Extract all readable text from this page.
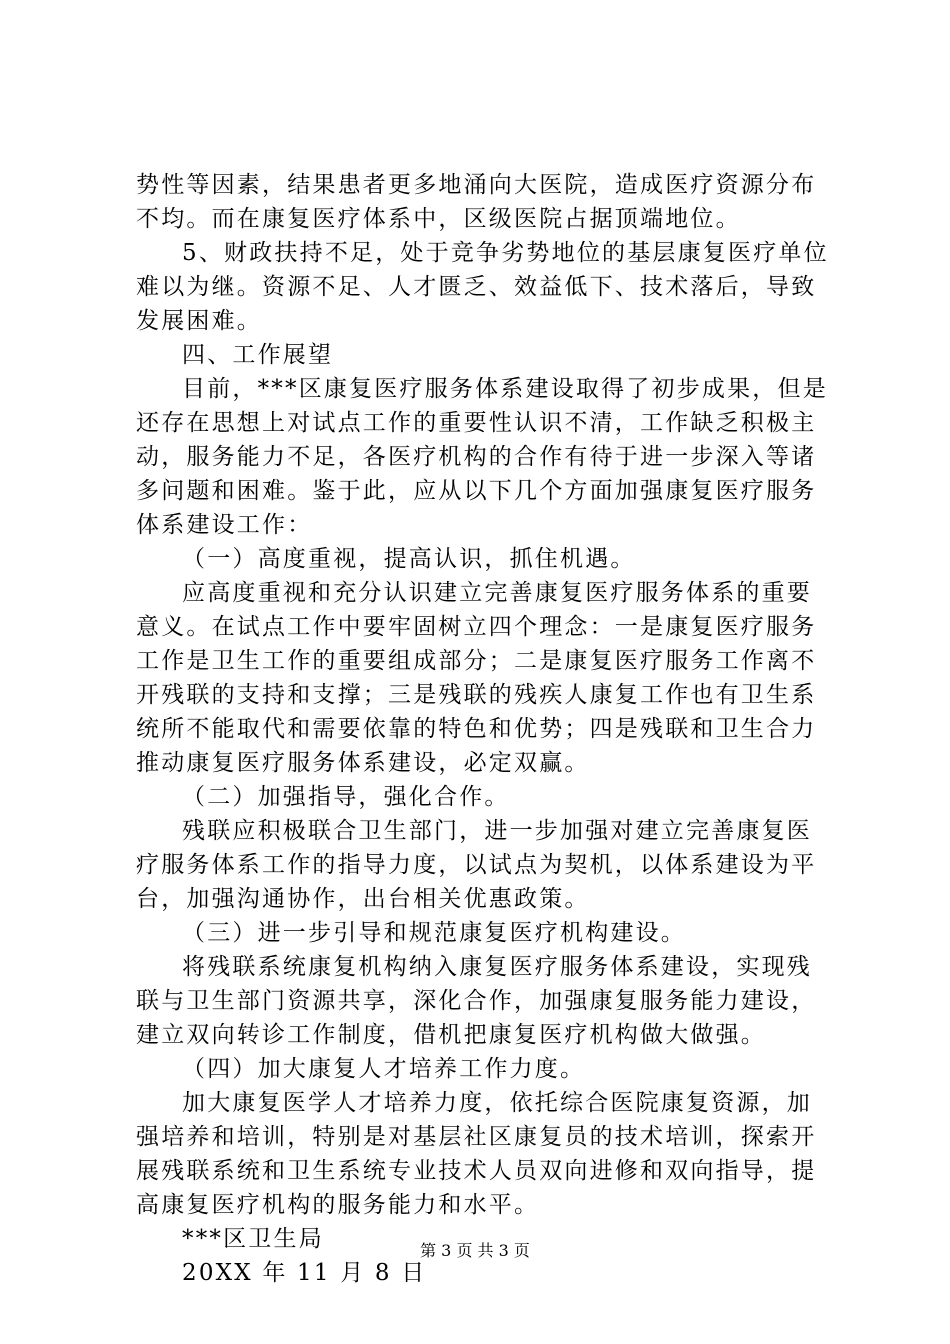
势性等因素，结果患者更多地涌向大医院，造成医疗资源分布
不均。而在康复医疗体系中，区级医院占据顶端地位。
5、财政扶持不足，处于竞争劣势地位的基层康复医疗单位
难以为继。资源不足、人才匮乏、效益低下、技术落后，导致
发展困难。
四、工作展望
目前，***区康复医疗服务体系建设取得了初步成果，但是
还存在思想上对试点工作的重要性认识不清，工作缺乏积极主
动，服务能力不足，各医疗机构的合作有待于进一步深入等诸
多问题和困难。鉴于此，应从以下几个方面加强康复医疗服务
体系建设工作：
（一）高度重视，提高认识，抓住机遇。
应高度重视和充分认识建立完善康复医疗服务体系的重要
意义。在试点工作中要牢固树立四个理念：一是康复医疗服务
工作是卫生工作的重要组成部分；二是康复医疗服务工作离不
开残联的支持和支撑；三是残联的残疾人康复工作也有卫生系
统所不能取代和需要依靠的特色和优势；四是残联和卫生合力
推动康复医疗服务体系建设，必定双赢。
（二）加强指导，强化合作。
残联应积极联合卫生部门，进一步加强对建立完善康复医
疗服务体系工作的指导力度，以试点为契机，以体系建设为平
台，加强沟通协作，出台相关优惠政策。
（三）进一步引导和规范康复医疗机构建设。
将残联系统康复机构纳入康复医疗服务体系建设，实现残
联与卫生部门资源共享，深化合作，加强康复服务能力建设，
建立双向转诊工作制度，借机把康复医疗机构做大做强。
（四）加大康复人才培养工作力度。
加大康复医学人才培养力度，依托综合医院康复资源，加
强培养和培训，特别是对基层社区康复员的技术培训，探索开
展残联系统和卫生系统专业技术人员双向进修和双向指导，提
高康复医疗机构的服务能力和水平。
***区卫生局
20XX 年 11 月 8 日
第 3 页 共 3 页
